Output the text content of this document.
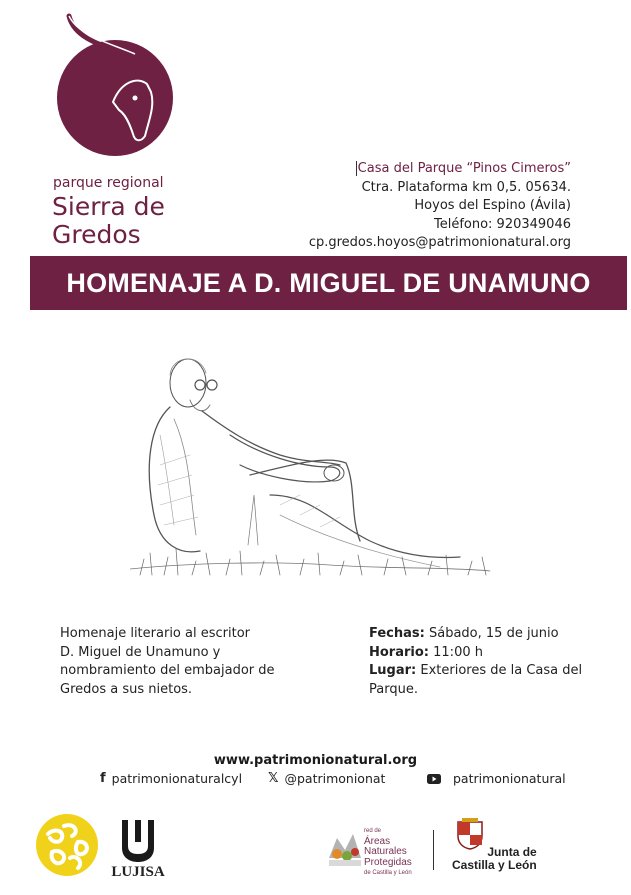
parque regional
Sierra de
Gredos
Casa del Parque “Pinos Cimeros”
Ctra. Plataforma km 0,5. 05634.
Hoyos del Espino (Ávila)
Teléfono: 920349046
cp.gredos.hoyos@patrimonionatural.org
HOMENAJE A D. MIGUEL DE UNAMUNO
Homenaje literario al escritor
D. Miguel de Unamuno y
nombramiento del embajador de
Gredos a sus nietos.
Fechas: Sábado, 15 de junio
Horario: 11:00 h
Lugar: Exteriores de la Casa del
Parque.
www.patrimonionatural.org
f patrimonionaturalcyl 𝕏 @patrimonionat	patrimonionatural
LUJISA
red de
Áreas
Naturales
Protegidas
de Castilla y León
Junta de
Castilla y León
